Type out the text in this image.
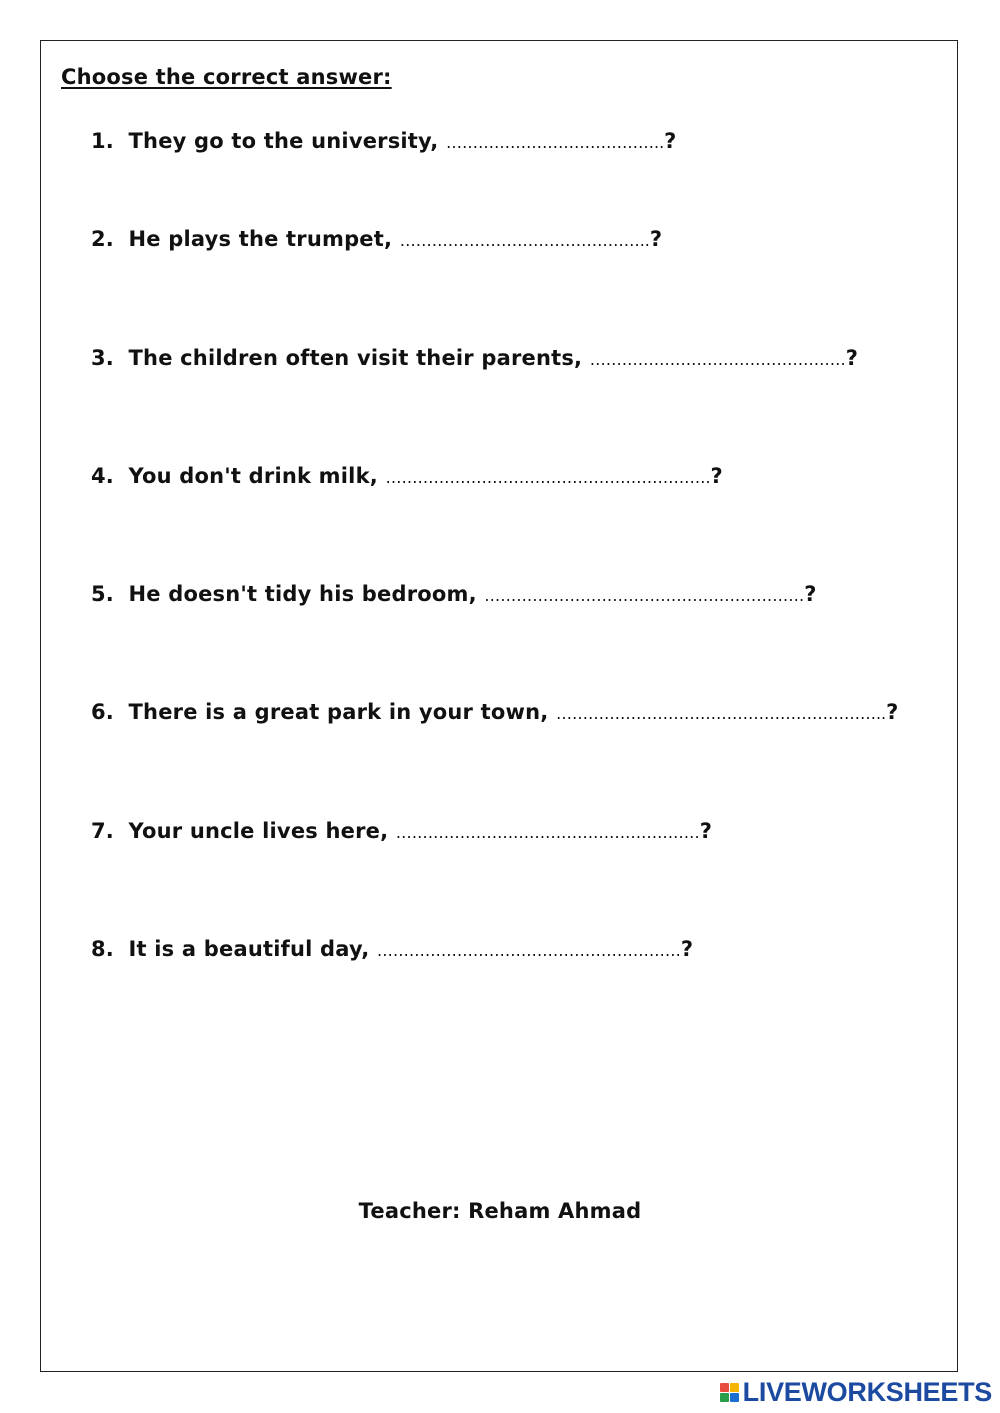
Choose the correct answer:
1. They go to the university, …………………………………..?
2. He plays the trumpet, ………………………………………..?
3. The children often visit their parents, …………………………………………?
4. You don't drink milk, …………………………………………………….?
5. He doesn't tidy his bedroom, ……………………………………………………?
6. There is a great park in your town, ……………………………………………………..?
7. Your uncle lives here, …………………………………………………?
8. It is a beautiful day, …………………………………………………?
Teacher: Reham Ahmad
LIVEWORKSHEETS
